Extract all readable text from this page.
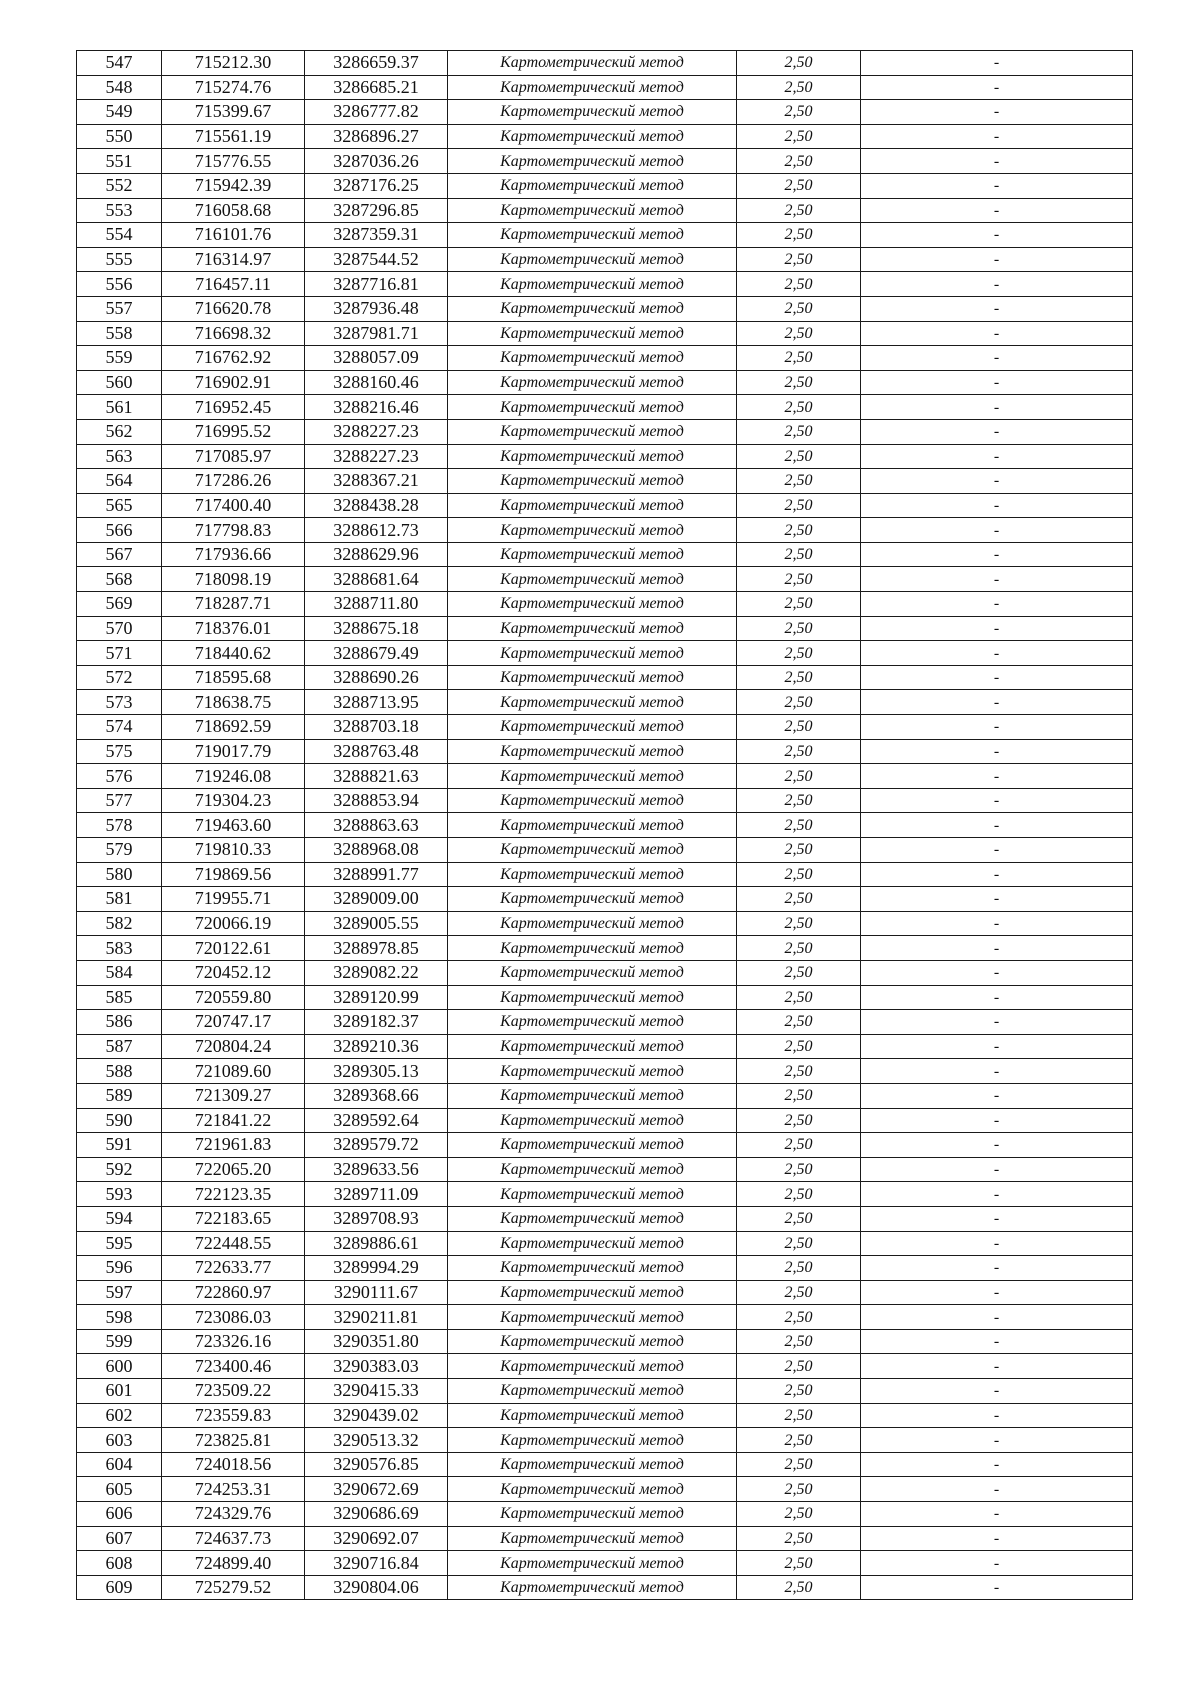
547	715212.30	3286659.37	Картометрический метод	2,50	-
548	715274.76	3286685.21	Картометрический метод	2,50	-
549	715399.67	3286777.82	Картометрический метод	2,50	-
550	715561.19	3286896.27	Картометрический метод	2,50	-
551	715776.55	3287036.26	Картометрический метод	2,50	-
552	715942.39	3287176.25	Картометрический метод	2,50	-
553	716058.68	3287296.85	Картометрический метод	2,50	-
554	716101.76	3287359.31	Картометрический метод	2,50	-
555	716314.97	3287544.52	Картометрический метод	2,50	-
556	716457.11	3287716.81	Картометрический метод	2,50	-
557	716620.78	3287936.48	Картометрический метод	2,50	-
558	716698.32	3287981.71	Картометрический метод	2,50	-
559	716762.92	3288057.09	Картометрический метод	2,50	-
560	716902.91	3288160.46	Картометрический метод	2,50	-
561	716952.45	3288216.46	Картометрический метод	2,50	-
562	716995.52	3288227.23	Картометрический метод	2,50	-
563	717085.97	3288227.23	Картометрический метод	2,50	-
564	717286.26	3288367.21	Картометрический метод	2,50	-
565	717400.40	3288438.28	Картометрический метод	2,50	-
566	717798.83	3288612.73	Картометрический метод	2,50	-
567	717936.66	3288629.96	Картометрический метод	2,50	-
568	718098.19	3288681.64	Картометрический метод	2,50	-
569	718287.71	3288711.80	Картометрический метод	2,50	-
570	718376.01	3288675.18	Картометрический метод	2,50	-
571	718440.62	3288679.49	Картометрический метод	2,50	-
572	718595.68	3288690.26	Картометрический метод	2,50	-
573	718638.75	3288713.95	Картометрический метод	2,50	-
574	718692.59	3288703.18	Картометрический метод	2,50	-
575	719017.79	3288763.48	Картометрический метод	2,50	-
576	719246.08	3288821.63	Картометрический метод	2,50	-
577	719304.23	3288853.94	Картометрический метод	2,50	-
578	719463.60	3288863.63	Картометрический метод	2,50	-
579	719810.33	3288968.08	Картометрический метод	2,50	-
580	719869.56	3288991.77	Картометрический метод	2,50	-
581	719955.71	3289009.00	Картометрический метод	2,50	-
582	720066.19	3289005.55	Картометрический метод	2,50	-
583	720122.61	3288978.85	Картометрический метод	2,50	-
584	720452.12	3289082.22	Картометрический метод	2,50	-
585	720559.80	3289120.99	Картометрический метод	2,50	-
586	720747.17	3289182.37	Картометрический метод	2,50	-
587	720804.24	3289210.36	Картометрический метод	2,50	-
588	721089.60	3289305.13	Картометрический метод	2,50	-
589	721309.27	3289368.66	Картометрический метод	2,50	-
590	721841.22	3289592.64	Картометрический метод	2,50	-
591	721961.83	3289579.72	Картометрический метод	2,50	-
592	722065.20	3289633.56	Картометрический метод	2,50	-
593	722123.35	3289711.09	Картометрический метод	2,50	-
594	722183.65	3289708.93	Картометрический метод	2,50	-
595	722448.55	3289886.61	Картометрический метод	2,50	-
596	722633.77	3289994.29	Картометрический метод	2,50	-
597	722860.97	3290111.67	Картометрический метод	2,50	-
598	723086.03	3290211.81	Картометрический метод	2,50	-
599	723326.16	3290351.80	Картометрический метод	2,50	-
600	723400.46	3290383.03	Картометрический метод	2,50	-
601	723509.22	3290415.33	Картометрический метод	2,50	-
602	723559.83	3290439.02	Картометрический метод	2,50	-
603	723825.81	3290513.32	Картометрический метод	2,50	-
604	724018.56	3290576.85	Картометрический метод	2,50	-
605	724253.31	3290672.69	Картометрический метод	2,50	-
606	724329.76	3290686.69	Картометрический метод	2,50	-
607	724637.73	3290692.07	Картометрический метод	2,50	-
608	724899.40	3290716.84	Картометрический метод	2,50	-
609	725279.52	3290804.06	Картометрический метод	2,50	-
